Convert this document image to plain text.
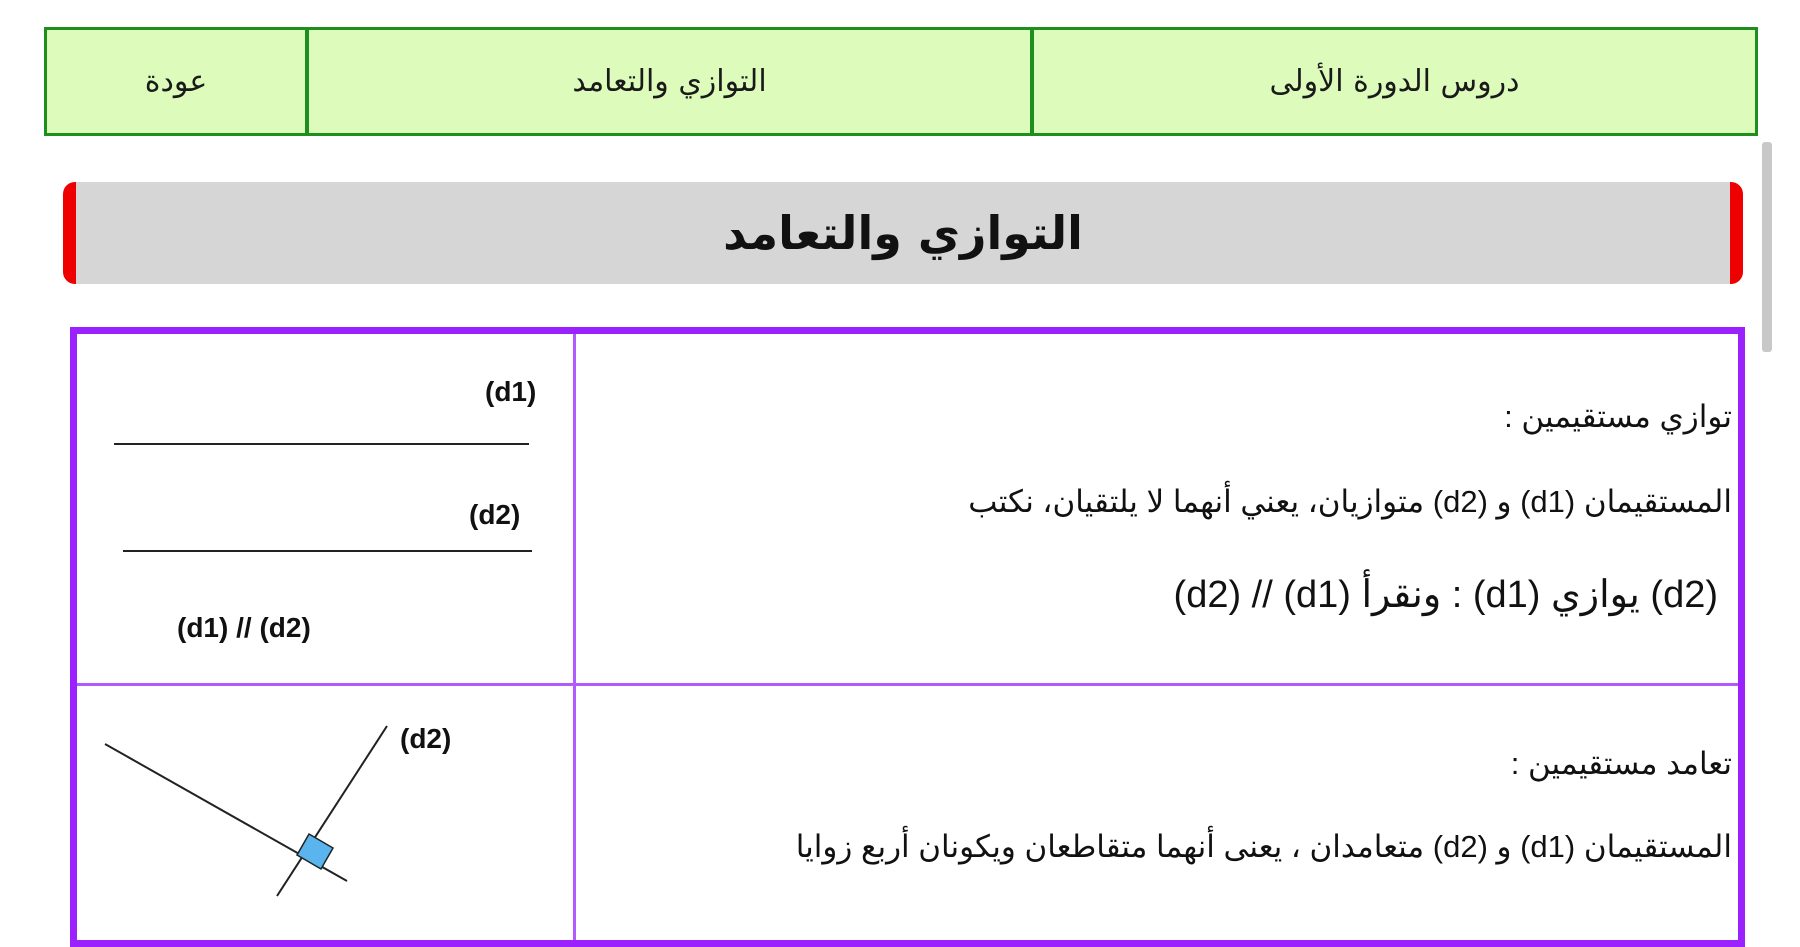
عودة	التوازي والتعامد	دروس الدورة الأولى
التوازي والتعامد
(d1)
(d2)
(d1) // (d2)
توازي مستقيمين :
المستقيمان (d1) و (d2) متوازيان، يعني أنهما لا يلتقيان، نكتب
(d2) // (d1) ونقرأ : (d1) يوازي (d2)
(d2)
تعامد مستقيمين :
المستقيمان (d1) و (d2) متعامدان ، يعنى أنهما متقاطعان ويكونان أربع زوايا
